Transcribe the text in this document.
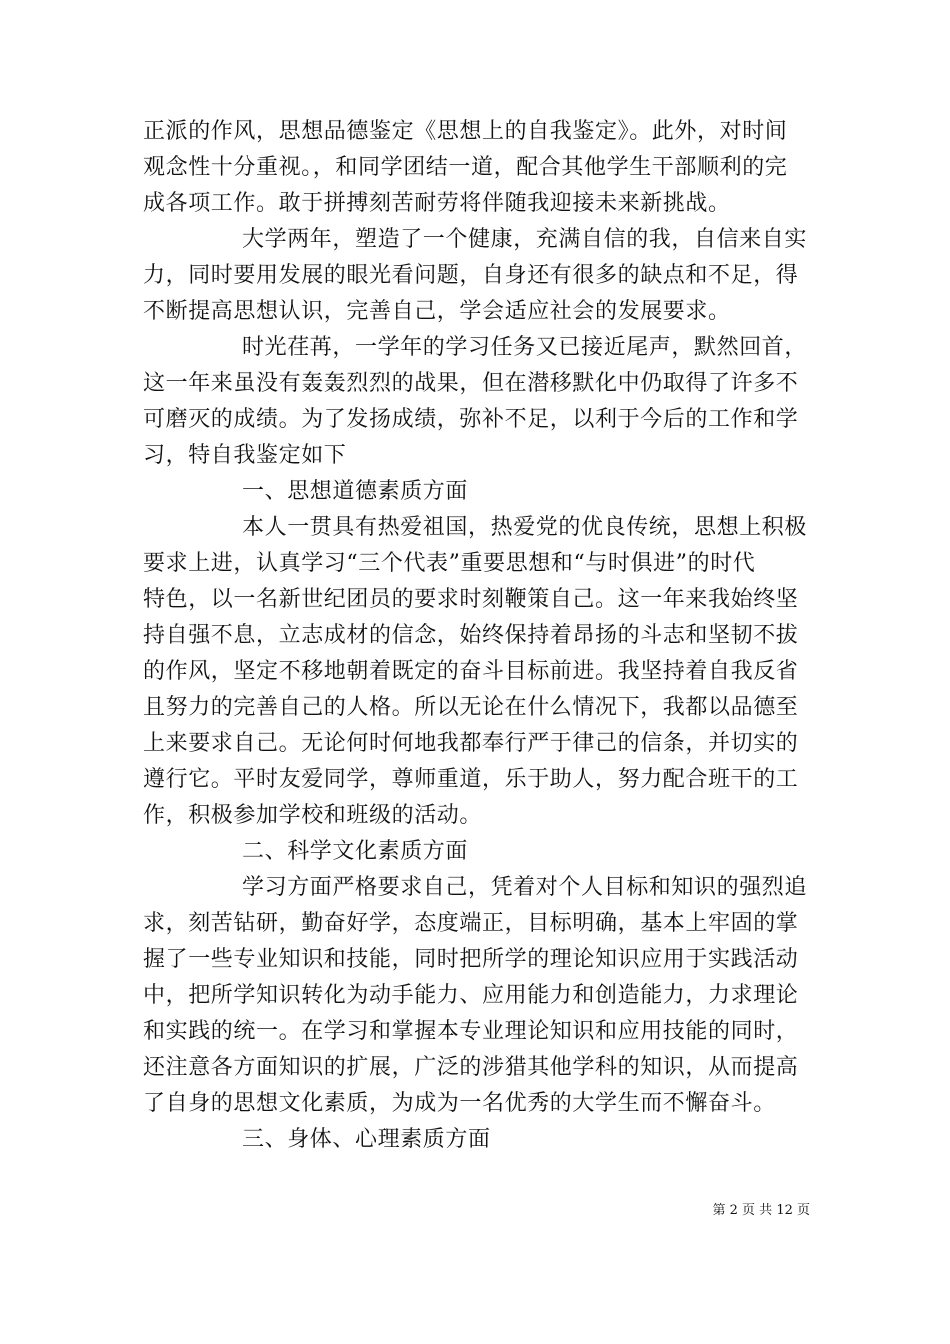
正派的作风，思想品德鉴定《思想上的自我鉴定》。此外，对时间
观念性十分重视。，和同学团结一道，配合其他学生干部顺利的完
成各项工作。敢于拼搏刻苦耐劳将伴随我迎接未来新挑战。
大学两年，塑造了一个健康，充满自信的我，自信来自实
力，同时要用发展的眼光看问题，自身还有很多的缺点和不足，得
不断提高思想认识，完善自己，学会适应社会的发展要求。
时光荏苒，一学年的学习任务又已接近尾声，默然回首，
这一年来虽没有轰轰烈烈的战果，但在潜移默化中仍取得了许多不
可磨灭的成绩。为了发扬成绩，弥补不足，以利于今后的工作和学
习，特自我鉴定如下
一、思想道德素质方面
本人一贯具有热爱祖国，热爱党的优良传统，思想上积极
要求上进，认真学习“三个代表”重要思想和“与时俱进”的时代
特色，以一名新世纪团员的要求时刻鞭策自己。这一年来我始终坚
持自强不息，立志成材的信念，始终保持着昂扬的斗志和坚韧不拔
的作风，坚定不移地朝着既定的奋斗目标前进。我坚持着自我反省
且努力的完善自己的人格。所以无论在什么情况下，我都以品德至
上来要求自己。无论何时何地我都奉行严于律己的信条，并切实的
遵行它。平时友爱同学，尊师重道，乐于助人，努力配合班干的工
作，积极参加学校和班级的活动。
二、科学文化素质方面
学习方面严格要求自己，凭着对个人目标和知识的强烈追
求，刻苦钻研，勤奋好学，态度端正，目标明确，基本上牢固的掌
握了一些专业知识和技能，同时把所学的理论知识应用于实践活动
中，把所学知识转化为动手能力、应用能力和创造能力，力求理论
和实践的统一。在学习和掌握本专业理论知识和应用技能的同时，
还注意各方面知识的扩展，广泛的涉猎其他学科的知识，从而提高
了自身的思想文化素质，为成为一名优秀的大学生而不懈奋斗。
三、身体、心理素质方面
第 2 页 共 12 页
